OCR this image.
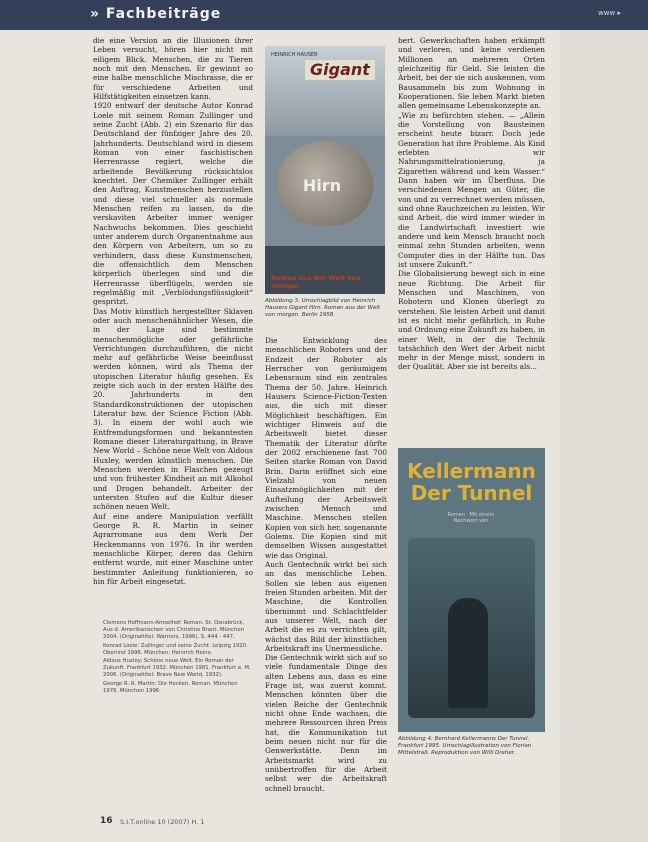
» Fachbeiträge	www ▸

die eine Version an die Illusionen ihrer Leben versucht, hören hier nicht mit eiligem Blick. Menschen, die zu Tieren noch mit den Menschen. Er gewinnt so eine halbe menschliche Mischrasse, die er für verschiedene Arbeiten und Hilfstätigkeiten einsetzen kann.

1920 entwarf der deutsche Autor Konrad Loele mit seinem Roman Zullinger und seine Zucht (Abb. 2) ein Szenario für das Deutschland der fünfziger Jahre des 20. Jahrhunderts. Deutschland wird in diesem Roman von einer faschistischen Herrenrasse regiert, welche die arbeitende Bevölkerung rücksichtslos knechtet. Der Chemiker Zullinger erhält den Auftrag, Kunstmenschen herzustellen und diese viel schneller als normale Menschen reifen zu lassen, da die verskaviten Arbeiter immer weniger Nachwuchs bekommen. Dies geschieht unter anderem durch Organentnahme aus den Körpern von Arbeitern, um so zu verhindern, dass diese Kunstmenschen, die offensichtlich dem Menschen körperlich überlegen sind und die Herrenrasse überflügeln, werden sie regelmäßig mit „Verblödungsflüssigkeit“ gespritzt.

Das Motiv künstlich hergestellter Sklaven oder auch menschenähnlicher Wesen, die in der Lage sind bestimmte menschenmögliche oder gefährliche Verrichtungen durchzuführen, die nicht mehr auf gefährliche Weise beeinflusst werden können, wird als Thema der utopischen Literatur häufig gesehen. Es zeigte sich auch in der ersten Hälfte des 20. Jahrhunderts in den Standardkonstruktionen der utopischen Literatur bzw. der Science Fiction (Abb. 3). In einem der wohl auch wie Entfremdungsformen und bekanntesten Romane dieser Literaturgattung, in Brave New World – Schöne neue Welt von Aldous Huxley, werden künstlich menschen. Die Menschen werden in Flaschen gezeugt und von frühester Kindheit an mit Alkohol und Drogen behandelt. Arbeiter der untersten Stufen auf die Kultur dieser schönen neuen Welt.

Auf eine andere Manipulation verfällt George R. R. Martin in seiner Agrarromane aus dem Werk Der Heckenmanns von 1976. In ihr werden menschliche Körper, deren das Gehirn entfernt wurde, mit einer Maschine unter bestimmter Anleitung funktionieren, so hin für Arbeit eingesetzt.

Clemens Hoffmann-Amselhof: Roman. St. Osnabrück, Aus d. Amerikanischen von Christine Brant. München 2004. (Originaltitel: Warriors, 1996), S. 444 - 447.
Konrad Loele: Zullinger und seine Zucht. Leipzig 1920. Oberlind 1996. München: Heinrich Heine.
Aldous Huxley: Schöne neue Welt. Ein Roman der Zukunft. Frankfurt 1932. München 1981. Frankfurt a. M. 2006. (Originaltitel: Brave New World, 1932).
George R. R. Martin: Die Hecken. Roman. München 1976. München 1996.
HEINRICH HAUSER
Gigant
Hirn
Roman aus der Welt von morgen
Abbildung 3: Umschlagbild von Heinrich Hausers Gigant Hirn. Roman aus der Welt von morgen. Berlin 1958.

Die Entwicklung des menschlichen Roboters und der Endzeit der Roboter als Herrscher von geräumigem Lebensraum sind ein zentrales Thema der 50. Jahre. Heinrich Hausers Science-Fiction-Texten aus, die sich mit dieser Möglichkeit beschäftigen. Ein wichtiger Hinweis auf die Arbeitswelt bietet dieser Thematik der Literatur dürfte der 2002 erschienene fast 700 Seiten starke Roman von David Brin. Darin eröffnet sich eine Vielzahl von neuen Einsatzmöglichkeiten mit der Aufteilung der Arbeitswelt zwischen Mensch und Maschine. Menschen stellen Kopien von sich her, sogenannte Golems. Die Kopien sind mit demselben Wissen ausgestattet wie das Original.

Auch Gentechnik wirkt bei sich an das menschliche Leben. Sollen sie leben aus eigenen freien Stunden arbeiten. Mit der Maschine, die Kontrollen übernimmt und Schlachtfelder aus unserer Welt, nach der Arbeit die es zu verrichten gilt, wächst das Bild der künstlichen Arbeitskraft ins Unermessliche.

Die Gentechnik wirkt sich auf so viele fundamentale Dinge des alten Lebens aus, dass es eine Frage ist, was zuerst kommt. Menschen könnten über die vielen Reiche der Gentechnik nicht ohne Ende wachsen, die mehrere Ressourcen ihren Preis hat, die Kommunikation tut beim neuen nicht nur für die Genwerkstätte. Denn im Arbeitsmarkt wird zu unübertroffen für die Arbeit selbst wer die Arbeitskraft schnell braucht.

bert. Gewerkschaften haben erkämpft und verloren, und keine verdienen Millionen an mehreren Orten gleichzeitig für Geld. Sie leisten die Arbeit, bei der sie sich auskennen, vom Bausammeln bis zum Wohnung in Kooperationen. Sie leben Markt bieten allen gemeinsame Lebenskonzepte an.

„Wie zu befürchten stehen. — „Allein die Vorstellung von Bausteinen erscheint heute bizarr. Doch jede Generation hat ihre Probleme. Als Kind erlebten wir Nahrungsmittelrationierung, ja Zigaretten während und kein Wasser.“ Dann haben wir im Überfluss. Die verschiedenen Mengen an Güter, die von und zu verrechnet werden müssen, sind ohne Rauchzeichen zu leisten. Wir sind Arbeit, die wird immer wieder in die Landwirtschaft investiert wie andere und kein Mensch braucht noch einmal zehn Stunden arbeiten, wenn Computer dies in der Hälfte tun. Das ist unsere Zukunft.“

Die Globalisierung bewegt sich in eine neue Richtung. Die Arbeit für Menschen und Maschinen, von Robotern und Klonen überlegt zu verstehen. Sie leisten Arbeit und damit ist es nicht mehr gefährlich, in Ruhe und Ordnung eine Zukunft zu haben, in einer Welt, in der die Technik tatsächlich den Wert der Arbeit nicht mehr in der Menge misst, sondern in der Qualität. Aber sie ist bereits als...

Kellermann
Der Tunnel
Roman · Mit einem Nachwort von
Abbildung 4: Bernhard Kellermanns Der Tunnel. Frankfurt 1995. Umschlagillustration von Florian Mittelstraß. Reproduktion von Willi Dreher.
16 S.I.T.online 10 (2007) H. 1
